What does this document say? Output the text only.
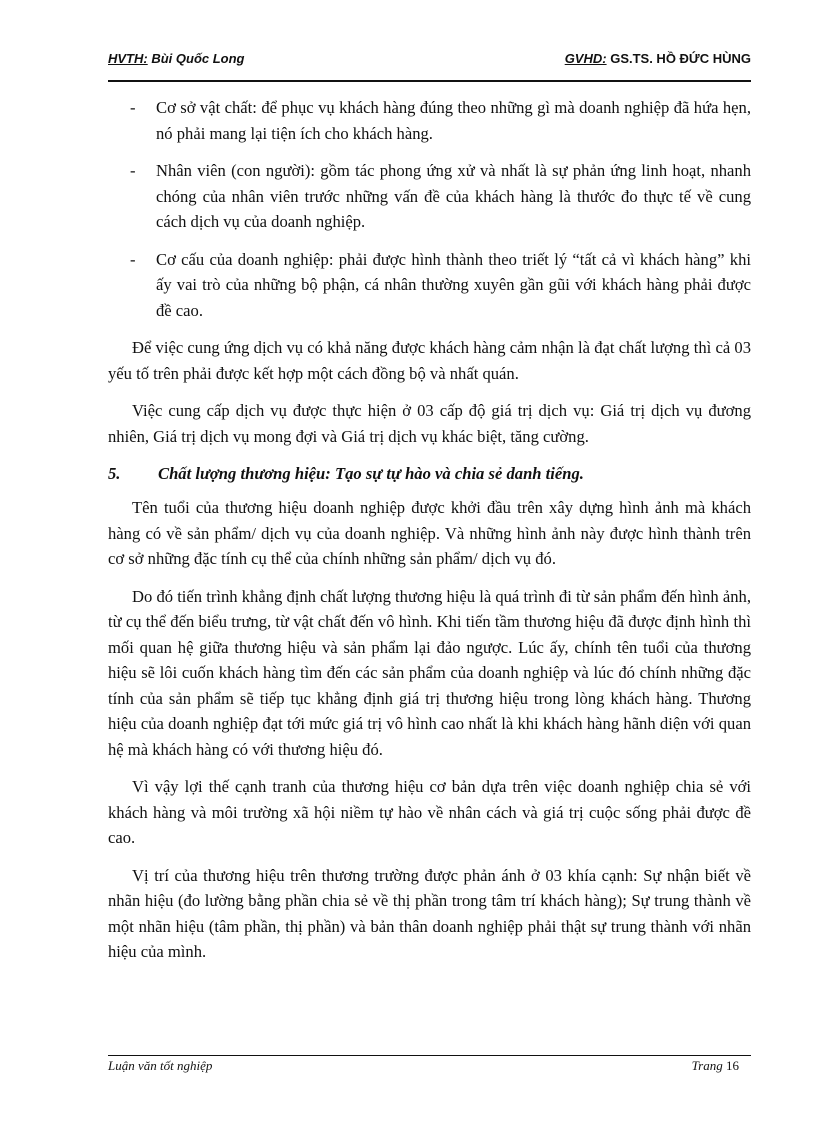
HVTH: Bùi Quốc Long	GVHD: GS.TS. HỒ ĐỨC HÙNG
- Cơ sở vật chất: để phục vụ khách hàng đúng theo những gì mà doanh nghiệp đã hứa hẹn, nó phải mang lại tiện ích cho khách hàng.
- Nhân viên (con người): gồm tác phong ứng xử và nhất là sự phản ứng linh hoạt, nhanh chóng của nhân viên trước những vấn đề của khách hàng là thước đo thực tế về cung cách dịch vụ của doanh nghiệp.
- Cơ cấu của doanh nghiệp: phải được hình thành theo triết lý “tất cả vì khách hàng” khi ấy vai trò của những bộ phận, cá nhân thường xuyên gần gũi với khách hàng phải được đề cao.

Để việc cung ứng dịch vụ có khả năng được khách hàng cảm nhận là đạt chất lượng thì cả 03 yếu tố trên phải được kết hợp một cách đồng bộ và nhất quán.

Việc cung cấp dịch vụ được thực hiện ở 03 cấp độ giá trị dịch vụ: Giá trị dịch vụ đương nhiên, Giá trị dịch vụ mong đợi và Giá trị dịch vụ khác biệt, tăng cường.

5. Chất lượng thương hiệu: Tạo sự tự hào và chia sẻ danh tiếng.

Tên tuổi của thương hiệu doanh nghiệp được khởi đầu trên xây dựng hình ảnh mà khách hàng có về sản phẩm/ dịch vụ của doanh nghiệp. Và những hình ảnh này được hình thành trên cơ sở những đặc tính cụ thể của chính những sản phẩm/ dịch vụ đó.

Do đó tiến trình khẳng định chất lượng thương hiệu là quá trình đi từ sản phẩm đến hình ảnh, từ cụ thể đến biểu trưng, từ vật chất đến vô hình. Khi tiến tầm thương hiệu đã được định hình thì mối quan hệ giữa thương hiệu và sản phẩm lại đảo ngược. Lúc ấy, chính tên tuổi của thương hiệu sẽ lôi cuốn khách hàng tìm đến các sản phẩm của doanh nghiệp và lúc đó chính những đặc tính của sản phẩm sẽ tiếp tục khẳng định giá trị thương hiệu trong lòng khách hàng. Thương hiệu của doanh nghiệp đạt tới mức giá trị vô hình cao nhất là khi khách hàng hãnh diện với quan hệ mà khách hàng có với thương hiệu đó.

Vì vậy lợi thế cạnh tranh của thương hiệu cơ bản dựa trên việc doanh nghiệp chia sẻ với khách hàng và môi trường xã hội niềm tự hào về nhân cách và giá trị cuộc sống phải được đề cao.

Vị trí của thương hiệu trên thương trường được phản ánh ở 03 khía cạnh: Sự nhận biết về nhãn hiệu (đo lường bằng phần chia sẻ về thị phần trong tâm trí khách hàng); Sự trung thành về một nhãn hiệu (tâm phần, thị phần) và bản thân doanh nghiệp phải thật sự trung thành với nhãn hiệu của mình.

Luận văn tốt nghiệp	Trang 16
